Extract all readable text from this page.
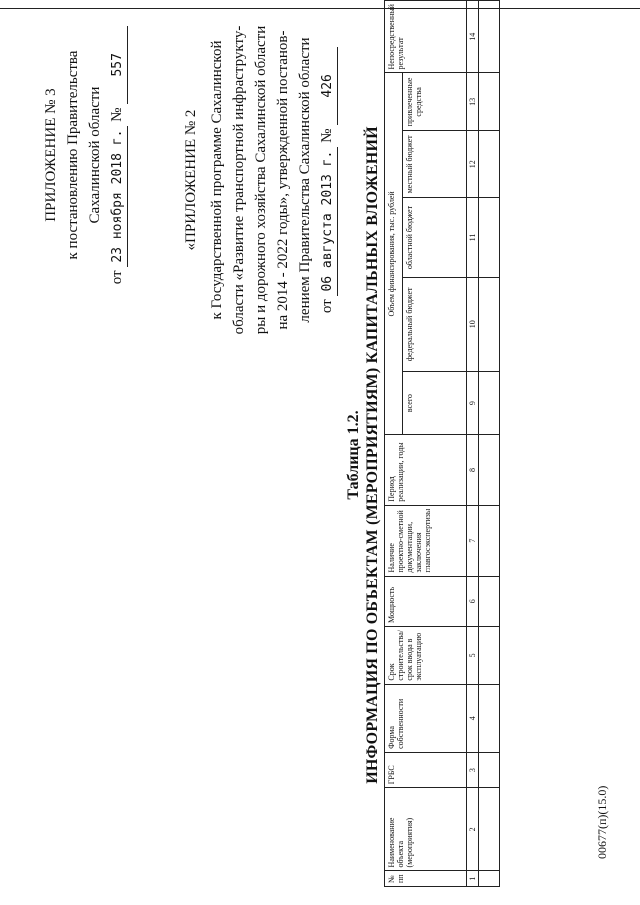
ПРИЛОЖЕНИЕ № 3 к постановлению Правительства Сахалинской области
от 23 ноября 2018 г. № 557
«ПРИЛОЖЕНИЕ № 2 к Государственной программе Сахалинской области «Развитие транспортной инфраструкту- ры и дорожного хозяйства Сахалинской области на 2014 - 2022 годы», утвержденной постанов- лением Правительства Сахалинской области от 06 августа 2013 г. № 426
Таблица 1.2. ИНФОРМАЦИЯ ПО ОБЪЕКТАМ (МЕРОПРИЯТИЯМ) КАПИТАЛЬНЫХ ВЛОЖЕНИЙ
№ пп	Наименование объекта (мероприятия)	ГРБС	Форма собственности	Срок строительства/срок ввода в эксплуатацию	Мощность	Наличие проектно-сметной документации, заключения главгосэкспертизы	Период реализации, годы	Объем финансирования, тыс. рублей					Непосредственный результат
								всего	федеральный бюджет	областной бюджет	местный бюджет	привлеченные средства	
1	2	3	4	5	6	7	8	9	10	11	12	13	14

00677(п)(15.0)
